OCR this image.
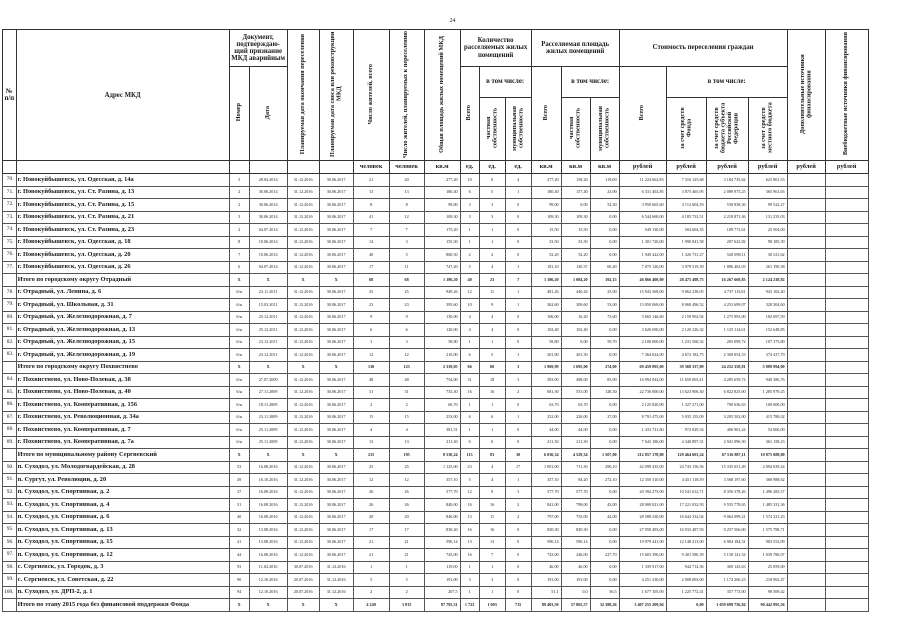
24
№ п/п	Адрес МКД	Документ, подтверждаю-щий признание МКД аварийным		Планируемая дата окончания переселения	Планируемая дата сноса или реконструкции МКД	Число жителей, всего	Число жителей, планируемых к переселению	Общая площадь жилых помещений МКД	Количество расселяемых жилых помещений			Расселяемая площадь жилых помещений			Стоимость переселения граждан				Дополнительные источники финансирования	Внебюджетные источники финансирования
		Номер	Дата						Всего	в том числе:		Всего	в том числе:		Всего	в том числе:				
										частная собственность	муниципальная собственность		частная собственность	муниципальная собственность		за счет средств Фонда	за счет средств бюджета субъекта Российской Федерации	за счет средств местного бюджета		
						человек	человек	кв.м	ед.	ед.	ед.	кв.м	кв.м	кв.м	рублей	рублей	рублей	рублей	рублей	рублей
70.	г. Новокуйбышевск, ул. Одесская, д. 14а	5	28.04.2014	31.12.2016	30.06.2017	21	20	277,20	10	6	4	277,20	158,20	119,00	11 224 662,83	7 316 125,68	3 184 735,62	623 801,53		
71.	г. Новокуйбышевск, ул. Ст. Разина, д. 13	2	30.06.2014	31.12.2016	30.06.2017	13	13	180,40	6	5	1	180,40	157,40	23,00	6 331 402,85	3 875 465,95	2 089 975,25	365 961,65		
72.	г. Новокуйбышевск, ул. Ст. Разина, д. 15	2	30.06.2014	31.12.2016	30.06.2017	8	8	99,00	3	3	0	99,00	0,00	52,30	3 950 665,60	3 112 604,39	538 838,36	99 522,27		
73.	г. Новокуйбышевск, ул. Ст. Разина, д. 21	3	30.06.2014	31.12.2016	30.06.2017	41	12	109,30	3	3	0	109,30	109,30	0,00	6 544 660,00	4 185 733,51	2 218 871,46	131 235,03		
74.	г. Новокуйбышевск, ул. Ст. Разина, д. 23	2	04.07.2014	31.12.2016	30.06.2017	7	7	175,20	1	1	0	15,50	15,50	0,00	549 130,00	504 604,35	109 772,61	25 504,00		
75.	г. Новокуйбышевск, ул. Одесская, д. 18	8	10.06.2014	31.12.2016	30.06.2017	14	3	155,50	1	1	0	33,50	33,50	0,00	1 301 720,00	1 990 841,58	207 622,82	98 185,39		
76.	г. Новокуйбышевск, ул. Одесская, д. 20	7	10.06.2014	31.12.2016	30.06.2017	40	5	800,50	2	2	0	52,20	52,20	0,00	1 949 422,00	1 326 731,27	520 098,11	30 521,62		
77.	г. Новокуйбышевск, ул. Одесская, д. 26	6	04.07.2014	31.12.2016	30.06.2017	17	11	747,20	5	4	1	181,10	120,37	60,40	7 075 120,00	3 979 519,39	1 886 402,03	261 190,38		
	Итого по городскому округу Отрадный	X	X	X	X	68	68	1 186,20	40	23	7	1 186,20	1 084,20	192,15	46 866 408,00	28 475 498,73	16 267 669,83	2 124 238,82		
78.	г. Отрадный, ул. Ленина, д. 6	6/н	23.11.2011	31.12.2016	30.06.2017	25	25	949,26	12	11	1	481,26	440,44	25,00	15 943 369,00	9 062 238,05	4 737 113,81	943 102,40		
79.	г. Отрадный, ул. Школьная, д. 31	6/н	15.03.2011	31.12.2016	30.06.2017	23	23	395,60	10	9	1	362,60	309,60	53,00	13 050 069,00	8 068 496,52	4 253 699,07	328 304,60		
80.	г. Отрадный, ул. Железнодорожная, д. 7	6/н	25.12.2011	31.12.2016	30.06.2017	9	9	130,00	4	4	0	106,00	16,20	73,60	3 665 146,60	2 159 902,92	1 275 993,00	182 697,59		
81.	г. Отрадный, ул. Железнодорожная, д. 13	6/н	25.12.2011	31.12.2016	30.06.2017	6	6	120,00	4	4	0	102,40	102,40	0,00	3 626 690,00	2 120 226,32	1 125 114,61	152 648,85		
82.	г. Отрадный, ул. Железнодорожная, д. 15	6/н	23.12.2011	31.12.2016	30.06.2017	3	3	58,80	1	1	0	58,80	0,00	59,70	2 100 000,00	1 231 560,32	265 099,72	107 375,80		
83.	г. Отрадный, ул. Железнодорожная, д. 19	6/н	23.12.2011	31.12.2016	30.06.2017	12	12	210,00	6	5	1	201,90	201,30	0,00	7 364 024,00	4 672 182,75	2 300 054,53	374 437,79		
	Итого по городскому округу Похвистнево	X	X	X	X	130	123	2 339,05	66	60	3	1 969,99	1 695,00	274,00	69 459 895,00	39 368 337,09	24 252 358,81	5 889 994,00		
84.	г. Похвистнево, ул. Ново-Полевая, д. 38	6/н	27.07.2009	31.12.2016	30.06.2017	48	48	754,00	31	18	3	583,00	498,00	85,00	16 994 944,00	11 650 003,41	4 285 659,74	940 386,76		
85.	г. Похвистнево, ул. Ново-Полевая, д. 40	6/н	27.11.2009	31.12.2016	30.06.2017	31	31	735,30	16	16	2	681,30	553,00	128,30	22 736 000,00	13 623 906,30	6 822 825,00	1 285 979,25		
86.	г. Похвистнево, ул. Кооперативная, д. 156	6/н	18.11.2009	31.12.2016	30.06.2017	2	2	60,70	1	1	0	63,70	63,70	0,00	2 125 820,00	1 327 271,00	700 636,63	100 000,00		
87.	г. Похвистнево, ул. Революционная, д. 34а	6/н	23.11.2009	31.12.2016	30.06.2017	15	15	253,00	6	6	1	252,00	226,00	27,00	8 791 475,00	5 035 155,09	3 205 502,00	415 780,02		
88.	г. Похвистнево, ул. Кооперативная, д. 7	6/н	25.11.2009	31.12.2016	30.06.2017	4	4	381,51	1	1	0	44,00	44,00	0,00	1 433 721,60	972 029,34	406 961,24	54 060,00		
89.	г. Похвистнево, ул. Кооперативная, д. 7а	6/н	25.11.2009	31.12.2016	30.06.2017	13	13	211,30	6	6	0	211,30	211,30	0,00	7 643 186,00	4 340 897,31	2 941 096,50	361 158,23		
	Итого по муниципальному району Сергиевский	X	X	X	X	215	195	8 530,24	113	83	30	6 036,34	4 529,34	1 507,00	212 857 178,80	129 464 603,24	67 516 887,11	10 875 688,00		
90.	п. Суходол, ул. Молодогвардейская, д. 28	53	16.08.2016	31.12.2016	30.06.2017	25	25	1 125,00	23	4	17	1 001,00	711,30	290,10	42 099 435,00	24 743 156,56	15 335 651,49	2 094 639,24		
91.	п. Сургут, ул. Революции, д. 20	49	16.10.2016	31.12.2016	30.06.2017	12	12	357,10	5	4	1	357,10	84,20	272,10	12 350 310,00	4 451 118,59	3 568 197,60	368 988,62		
92.	п. Суходол, ул. Спортивная, д. 2	37	16.08.2016	31.12.2016	30.06.2017	26	26	577,70	12	9	3	577,70	577,70	0,00	20 394 275,00	10 541 612,71	8 356 378,26	1 496 283,57		
93.	п. Суходол, ул. Спортивная, д. 4	31	16.08.2016	31.12.2016	30.06.2017	26	26	840,00	16	16	2	841,00	798,00	43,00	28 900 021,00	17 221 032,93	9 555 778,65	1 485 331,36		
94.	п. Суходол, ул. Спортивная, д. 6	40	16.08.2016	31.12.2016	30.06.2017	20	20	840,00	13	11	2	797,00	755,00	42,00	28 588 230,00	16 644 332,04	9 064 099,21	1 574 321,23		
95.	п. Суходол, ул. Спортивная, д. 13	32	13.08.2016	31.12.2016	30.06.2017	17	17	830,20	16	16	0	830,30	830,30	0,00	27 958 493,00	16 933 487,93	9 257 566,00	1 575 798,71		
96.	п. Суходол, ул. Спортивная, д. 15	41	13.08.2016	31.12.2016	30.06.2017	21	21	590,14	13	13	0	590,14	590,14	0,00	19 979 441,00	12 148 213,00	6 904 184,31	903 552,09		
97.	п. Суходол, ул. Спортивная, д. 12	44	16.08.2016	31.12.2016	30.06.2017	21	21	745,00	16	7	9	743,00	246,00	227,70	15 603 390,00	9 401 580,39	5 158 141,54	1 039 786,07		
98.	с. Сергиевск, ул. Городок, д. 3	93	11.02.2016	30.07.2016	31.12.2016	1	1	119,00	1	1	0	46,00	46,00	0,00	1 339 917,00	944 714,36	369 143,63	25 059,00		
99.	с. Сергиевск, ул. Советская, д. 22	90	12.10.2016	20.07.2016	31.12.2016	5	5	191,00	3	3	0	191,00	191,00	0,00	4 251 230,00	2 908 003,00	1 174 260,23	218 902,47		
100.	п. Суходол, ул. ДРП-2, д. 1	94	12.10.2016	20.07.2016	31.12.2016	2	2	207,5	1	1	0	51,1	0,0	36,5	1 677 105,00	1 225 772,41	357 773,00	98 509,42		
	Итого по этапу 2015 года без финансовой поддержки Фонда	X	X	X	X	4 249	3 815	97 795,31	1 722	1 003	715	89 403,50	57 865,57	32 388,26	3 407 255 209,94	0,00	1 659 699 756,84	90 442 995,56		
